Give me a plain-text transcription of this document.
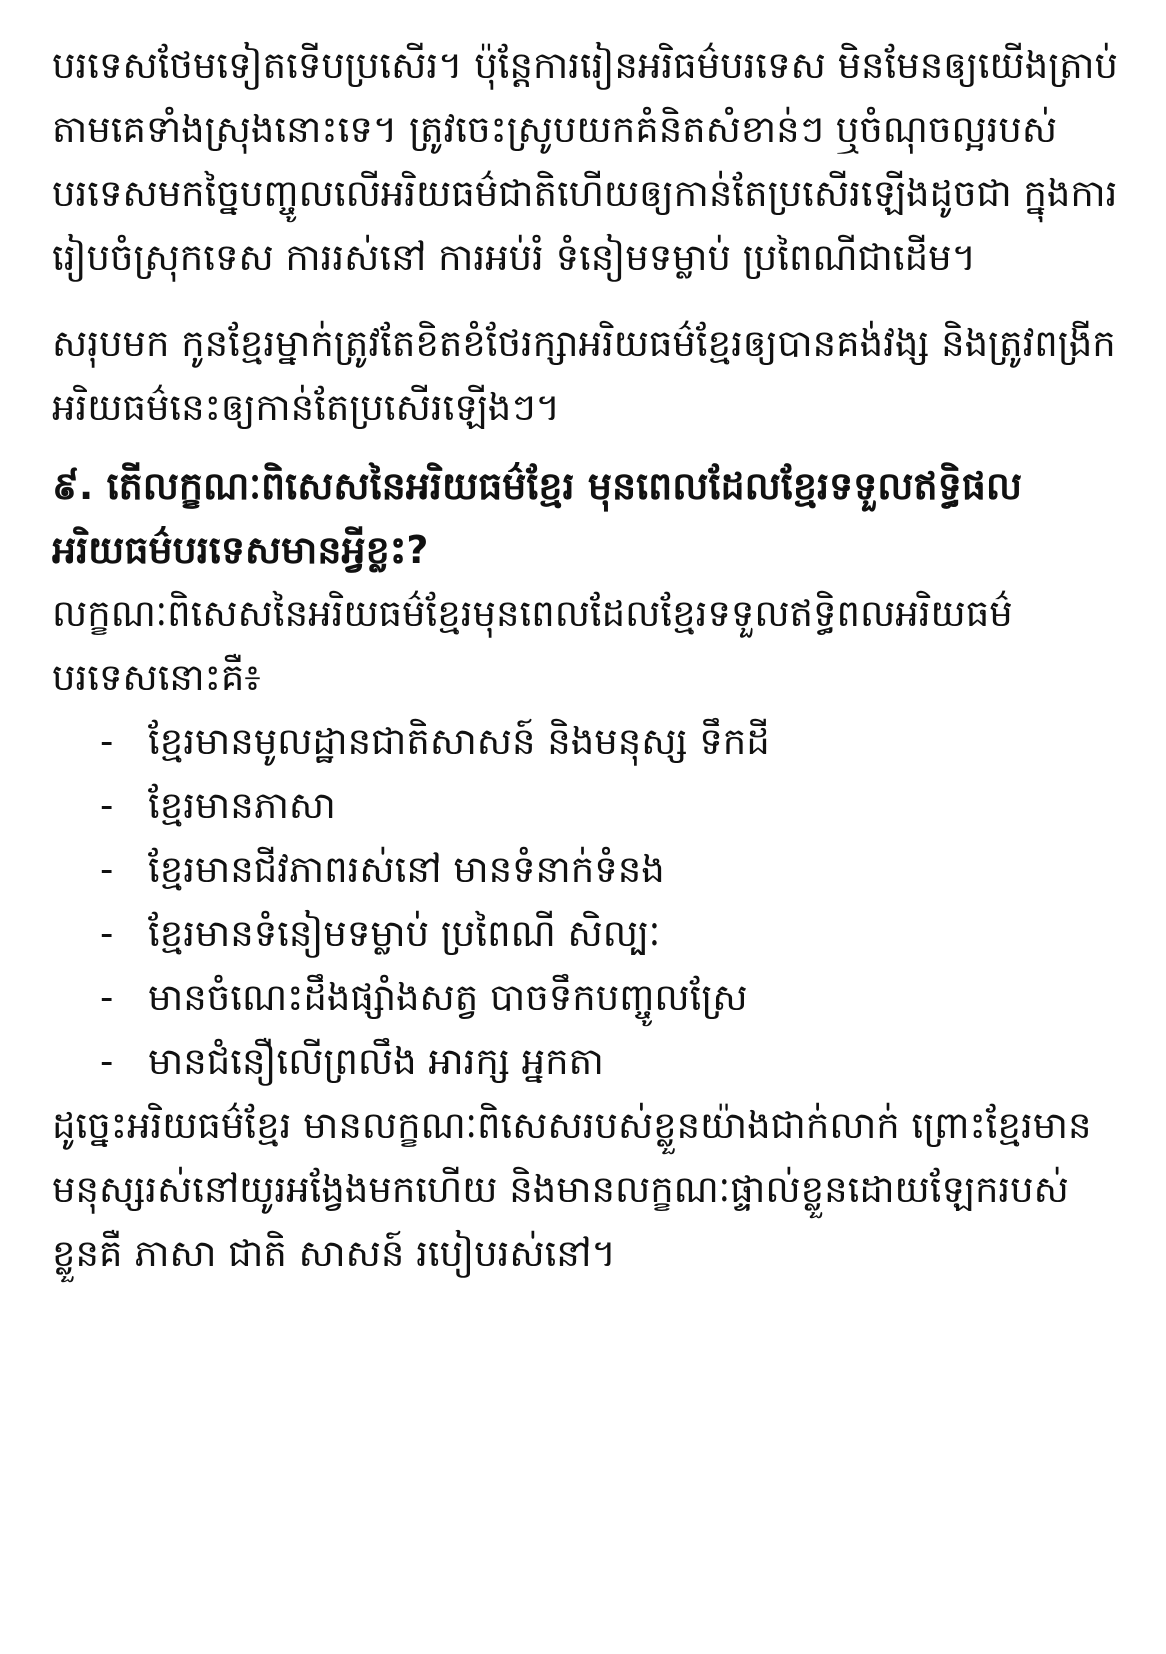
បរទេសថែមទៀតទើបប្រសើរ។ ប៉ុន្តែការរៀនអរិធម៌បរទេស មិនមែនឲ្យយើងត្រាប់តាមគេទាំងស្រុងនោះទេ។ ត្រូវចេះស្រូបយកគំនិតសំខាន់ៗ ឬចំណុចល្អរបស់បរទេសមកច្នៃបញ្ចូលលើអរិយធម៌ជាតិហើយឲ្យកាន់តែប្រសើរឡើងដូចជា ក្នុងការរៀបចំស្រុកទេស ការរស់នៅ ការអប់រំ ទំនៀមទម្លាប់ ប្រពៃណីជាដើម។

សរុបមក កូនខ្មែរម្នាក់ត្រូវតែខិតខំថែរក្សាអរិយធម៌ខ្មែរឲ្យបានគង់វង្ស និងត្រូវពង្រីកអរិយធម៌នេះឲ្យកាន់តែប្រសើរឡើងៗ។

៩. តើលក្ខណៈពិសេសនៃអរិយធម៌ខ្មែរ មុនពេលដែលខ្មែរទទួលឥទ្ធិផលអរិយធម៌បរទេសមានអ្វីខ្លះ?

លក្ខណៈពិសេសនៃអរិយធម៌ខ្មែរមុនពេលដែលខ្មែរទទួលឥទ្ធិពលអរិយធម៌បរទេសនោះគឺ៖

- ខ្មែរមានមូលដ្ឋានជាតិសាសន៍ និងមនុស្ស ទឹកដី
- ខ្មែរមានភាសា
- ខ្មែរមានជីវភាពរស់នៅ មានទំនាក់ទំនង
- ខ្មែរមានទំនៀមទម្លាប់ ប្រពៃណី សិល្បៈ
- មានចំណេះដឹងផ្សាំងសត្វ បាចទឹកបញ្ចូលស្រែ
- មានជំនឿលើព្រលឹង អារក្ស អ្នកតា

ដូច្នេះអរិយធម៌ខ្មែរ មានលក្ខណៈពិសេសរបស់ខ្លួនយ៉ាងជាក់លាក់ ព្រោះខ្មែរមានមនុស្សរស់នៅយូរអង្វែងមកហើយ និងមានលក្ខណៈផ្ទាល់ខ្លួនដោយឡែករបស់ខ្លួនគឺ ភាសា ជាតិ សាសន៍ របៀបរស់នៅ។
